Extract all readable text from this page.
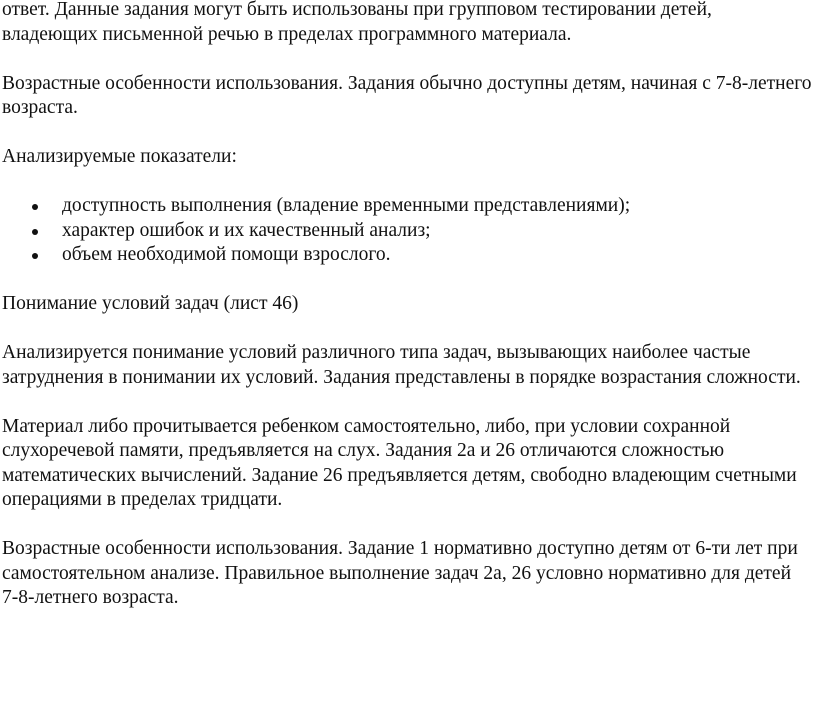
ответ. Данные задания могут быть использованы при групповом тестировании детей, владеющих письменной речью в пределах программного материала.

Возрастные особенности использования. Задания обычно доступны детям, начиная с 7-8-летнего возраста.

Анализируемые показатели:

доступность выполнения (владение временными представлениями);
характер ошибок и их качественный анализ;
объем необходимой помощи взрослого.

Понимание условий задач (лист 46)

Анализируется понимание условий различного типа задач, вызывающих наиболее частые затруднения в понимании их условий. Задания представлены в порядке возрастания сложности.

Материал либо прочитывается ребенком самостоятельно, либо, при условии сохранной слухоречевой памяти, предъявляется на слух. Задания 2а и 26 отличаются сложностью математических вычислений. Задание 26 предъявляется детям, свободно владеющим счетными операциями в пределах тридцати.

Возрастные особенности использования. Задание 1 нормативно доступно детям от 6-ти лет при самостоятельном анализе. Правильное выполнение задач 2а, 26 условно нормативно для детей 7-8-летнего возраста.
